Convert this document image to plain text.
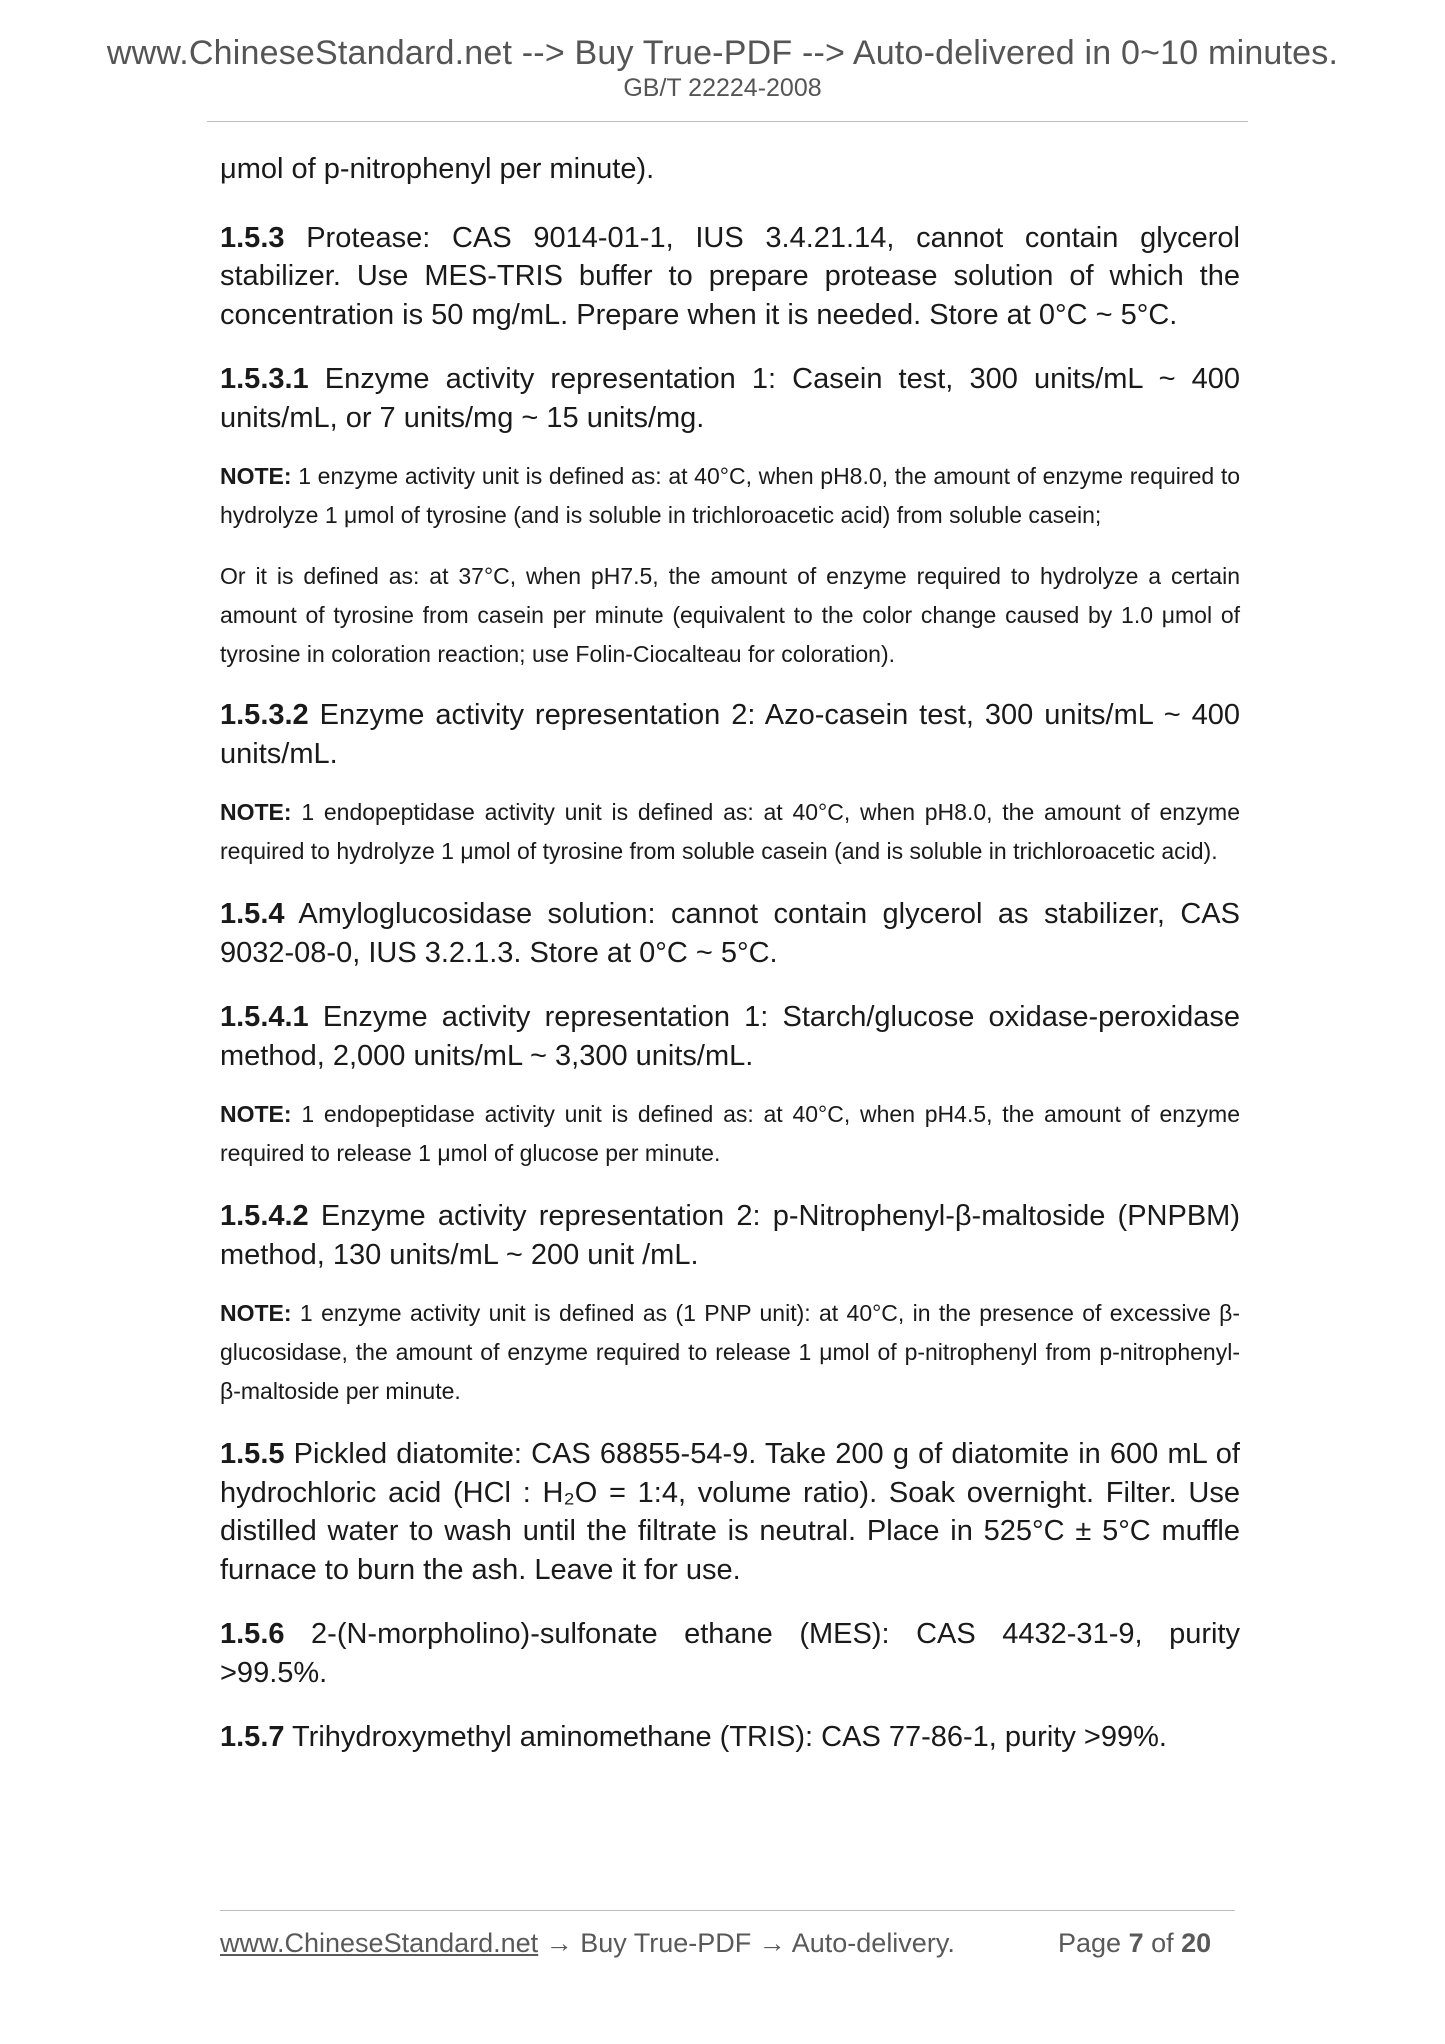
www.ChineseStandard.net --> Buy True-PDF --> Auto-delivered in 0~10 minutes.
GB/T 22224-2008

μmol of p-nitrophenyl per minute).

1.5.3 Protease: CAS 9014-01-1, IUS 3.4.21.14, cannot contain glycerol stabilizer. Use MES-TRIS buffer to prepare protease solution of which the concentration is 50 mg/mL. Prepare when it is needed. Store at 0°C ~ 5°C.

1.5.3.1 Enzyme activity representation 1: Casein test, 300 units/mL ~ 400 units/mL, or 7 units/mg ~ 15 units/mg.

NOTE: 1 enzyme activity unit is defined as: at 40°C, when pH8.0, the amount of enzyme required to hydrolyze 1 μmol of tyrosine (and is soluble in trichloroacetic acid) from soluble casein;

Or it is defined as: at 37°C, when pH7.5, the amount of enzyme required to hydrolyze a certain amount of tyrosine from casein per minute (equivalent to the color change caused by 1.0 μmol of tyrosine in coloration reaction; use Folin-Ciocalteau for coloration).

1.5.3.2 Enzyme activity representation 2: Azo-casein test, 300 units/mL ~ 400 units/mL.

NOTE: 1 endopeptidase activity unit is defined as: at 40°C, when pH8.0, the amount of enzyme required to hydrolyze 1 μmol of tyrosine from soluble casein (and is soluble in trichloroacetic acid).

1.5.4 Amyloglucosidase solution: cannot contain glycerol as stabilizer, CAS 9032-08-0, IUS 3.2.1.3. Store at 0°C ~ 5°C.

1.5.4.1 Enzyme activity representation 1: Starch/glucose oxidase-peroxidase method, 2,000 units/mL ~ 3,300 units/mL.

NOTE: 1 endopeptidase activity unit is defined as: at 40°C, when pH4.5, the amount of enzyme required to release 1 μmol of glucose per minute.

1.5.4.2 Enzyme activity representation 2: p-Nitrophenyl-β-maltoside (PNPBM) method, 130 units/mL ~ 200 unit /mL.

NOTE: 1 enzyme activity unit is defined as (1 PNP unit): at 40°C, in the presence of excessive β-glucosidase, the amount of enzyme required to release 1 μmol of p-nitrophenyl from p-nitrophenyl-β-maltoside per minute.

1.5.5 Pickled diatomite: CAS 68855-54-9. Take 200 g of diatomite in 600 mL of hydrochloric acid (HCl : H₂O = 1:4, volume ratio). Soak overnight. Filter. Use distilled water to wash until the filtrate is neutral. Place in 525°C ± 5°C muffle furnace to burn the ash. Leave it for use.

1.5.6 2-(N-morpholino)-sulfonate ethane (MES): CAS 4432-31-9, purity >99.5%.

1.5.7 Trihydroxymethyl aminomethane (TRIS): CAS 77-86-1, purity >99%.

www.ChineseStandard.net → Buy True-PDF → Auto-delivery.	Page 7 of 20
